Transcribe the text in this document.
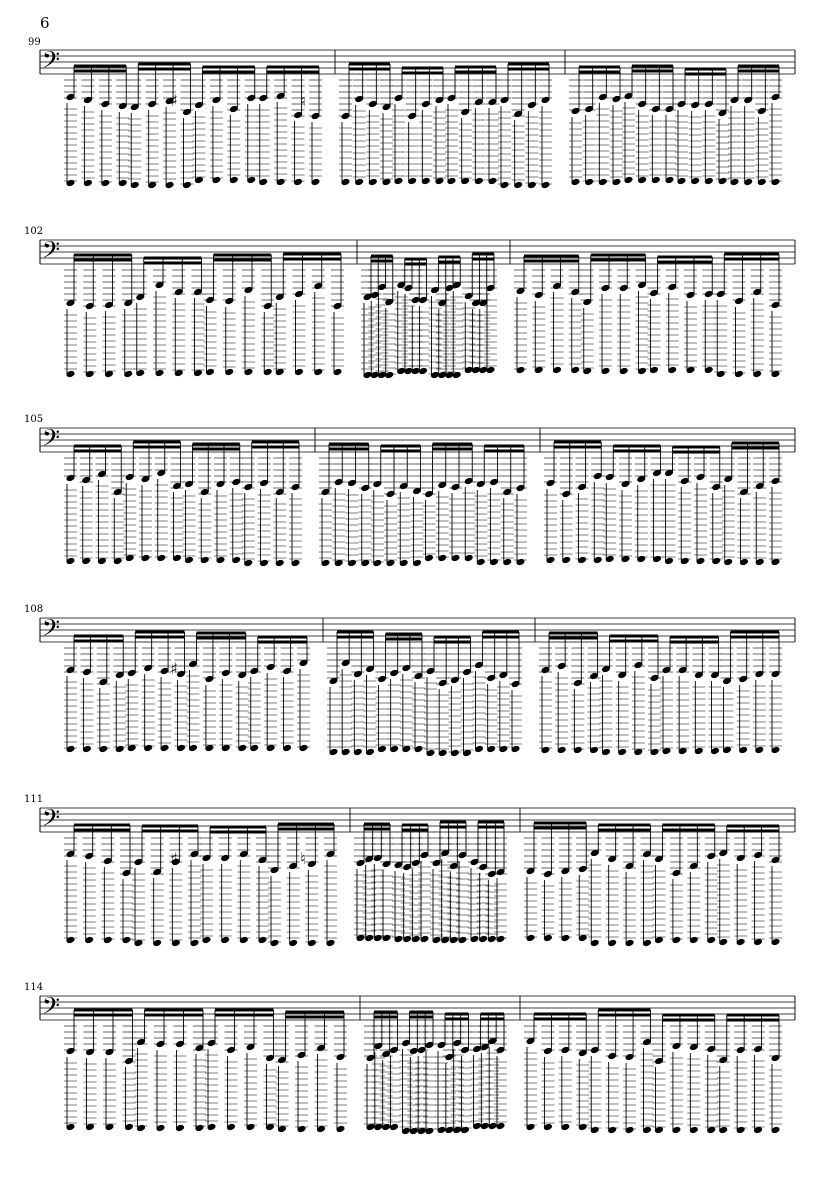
6
99
102
105
108
111
114
𝄢
♯	♮
𝄢
𝄢
𝄢
♯
𝄢
♯	♮
𝄢
